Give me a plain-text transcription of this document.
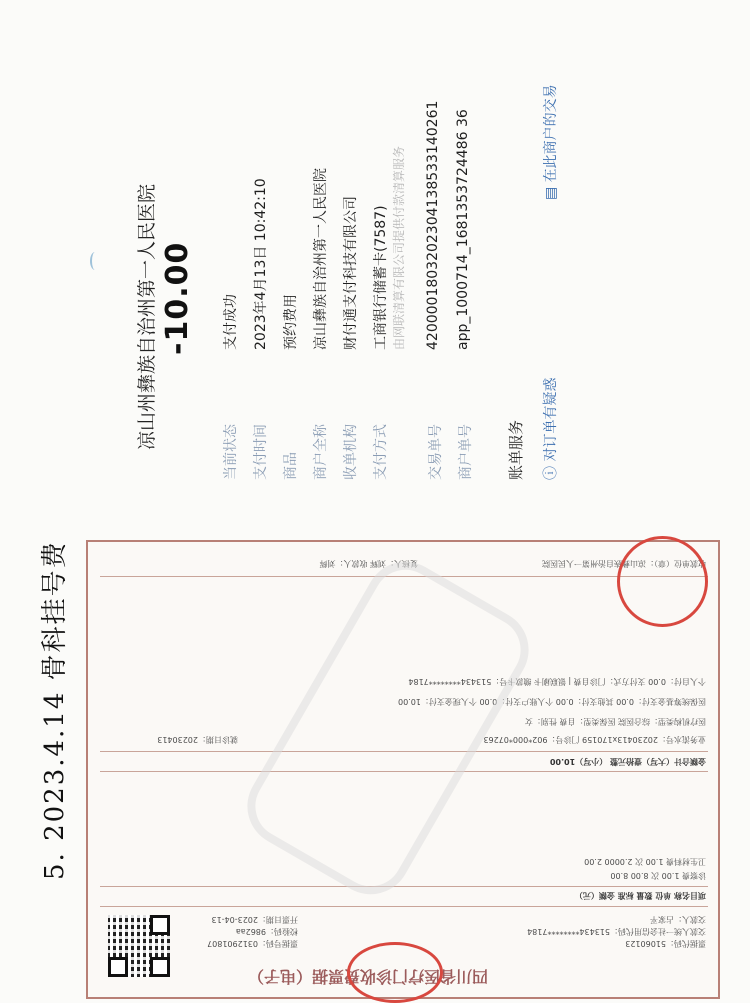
凉山州彝族自治州第一人民医院 -10.00
当前状态
支付成功
支付时间
2023年4月13日 10:42:10
商品
预约费用
商户全称
凉山彝族自治州第一人民医院
收单机构
财付通支付科技有限公司
支付方式
工商银行储蓄卡(7587) 由网联清算有限公司提供付款清算服务
交易单号
4200001803202304138533140261
商户单号
app_1000714_1681353724486 36
账单服务 ⓘ 对订单有疑惑
▤ 在此商户的交易
四川省医疗门诊收费票据（电子）
票据代码：51060123
交款人统一社会信用代码：513434********7184
交款人：占家平
票据号码：0312901807
校验码：9862aa
开票日期：2023-04-13
项目名称 单位 数量 标准 金额（元）
诊察费 1.00 次 8.00 8.00
卫生材料费 1.00 次 2.0000 2.00
金额合计（大写）壹拾元整 （小写）10.00
业务流水号：20230413x170159 门诊号：902*000*07263
就诊日期：20230413
医疗机构类型：综合医院 医保类型：自费 性别：女
医保统筹基金支付：0.00 其他支付：0.00 个人账户支付：0.00 个人现金支付：10.00
个人自付：0.00 支付方式：门诊自费 | 银联刷卡 缴款卡号：513434********7184
收款单位（章）：凉山彝族自治州第一人民医院
复核人：刘辉 收款人：刘辉
5. 2023.4.14 骨科挂号费
